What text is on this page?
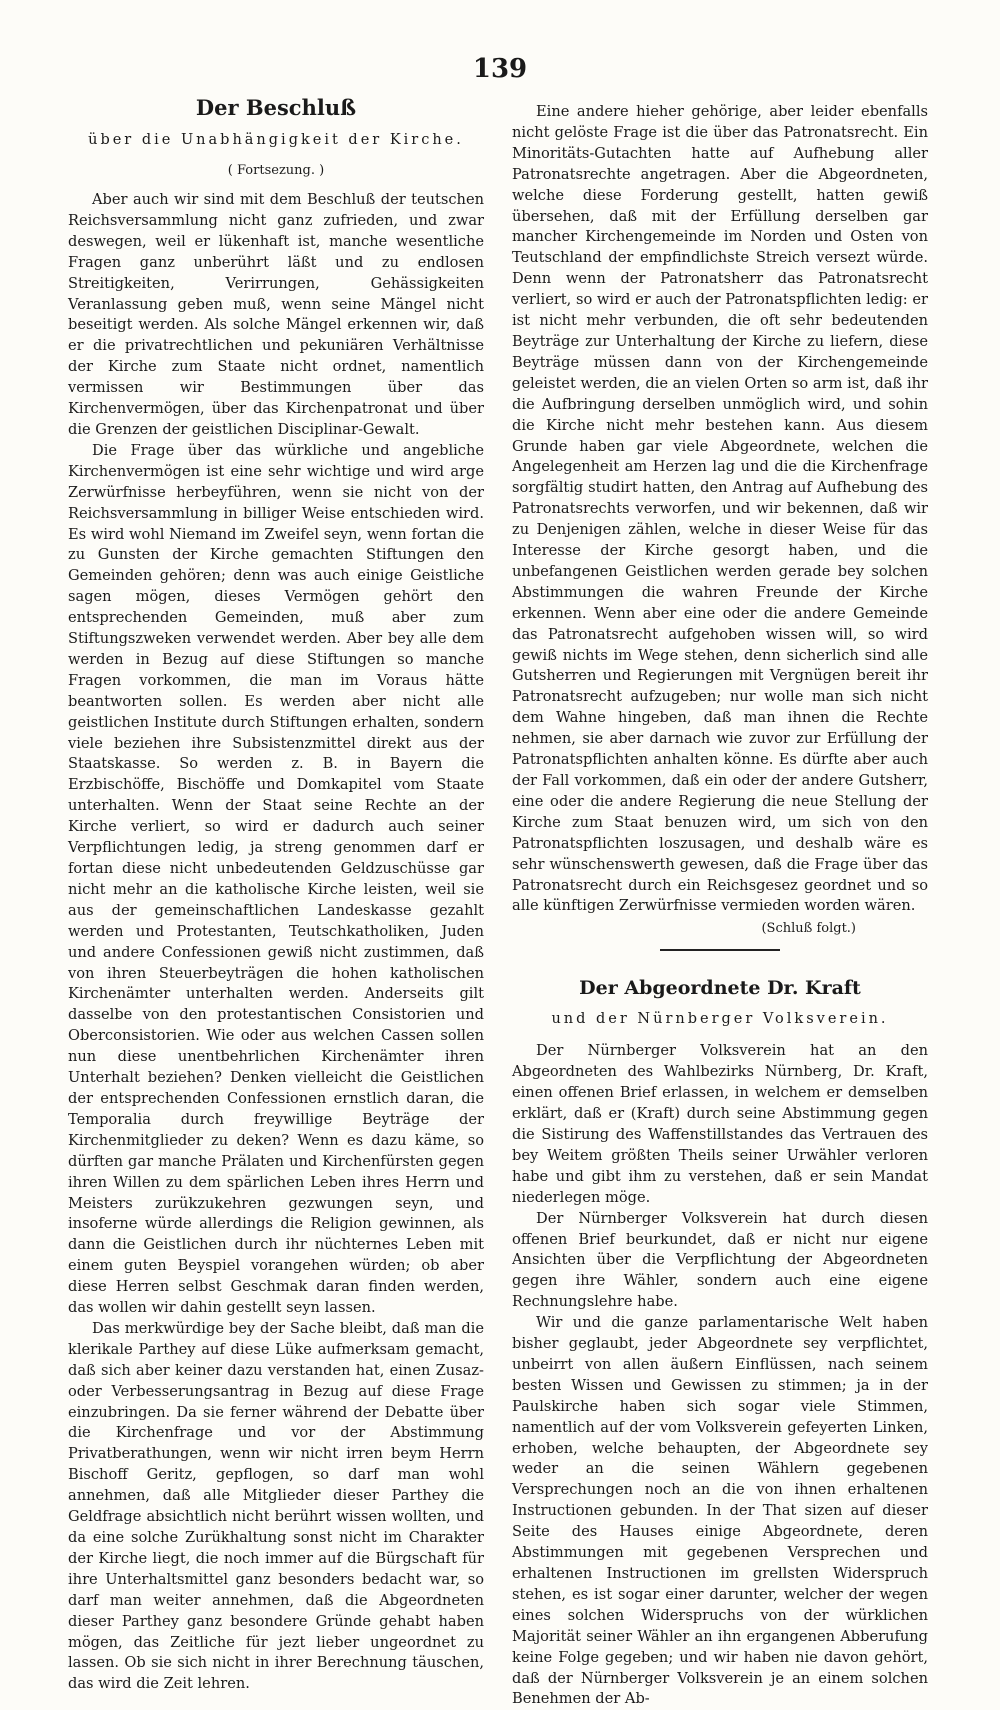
139
Der Beschluß
über die Unabhängigkeit der Kirche.
( Fortsezung. )

Aber auch wir sind mit dem Beschluß der teutschen Reichsversammlung nicht ganz zufrieden, und zwar deswegen, weil er lükenhaft ist, manche wesentliche Fragen ganz unberührt läßt und zu endlosen Streitigkeiten, Verirrungen, Gehässigkeiten Veranlassung geben muß, wenn seine Mängel nicht beseitigt werden. Als solche Mängel erkennen wir, daß er die privatrechtlichen und pekuniären Verhältnisse der Kirche zum Staate nicht ordnet, namentlich vermissen wir Bestimmungen über das Kirchenvermögen, über das Kirchenpatronat und über die Grenzen der geistlichen Disciplinar-Gewalt.

Die Frage über das würkliche und angebliche Kirchenvermögen ist eine sehr wichtige und wird arge Zerwürfnisse herbeyführen, wenn sie nicht von der Reichsversammlung in billiger Weise entschieden wird. Es wird wohl Niemand im Zweifel seyn, wenn fortan die zu Gunsten der Kirche gemachten Stiftungen den Gemeinden gehören; denn was auch einige Geistliche sagen mögen, dieses Vermögen gehört den entsprechenden Gemeinden, muß aber zum Stiftungszweken verwendet werden. Aber bey alle dem werden in Bezug auf diese Stiftungen so manche Fragen vorkommen, die man im Voraus hätte beantworten sollen. Es werden aber nicht alle geistlichen Institute durch Stiftungen erhalten, sondern viele beziehen ihre Subsistenzmittel direkt aus der Staatskasse. So werden z. B. in Bayern die Erzbischöffe, Bischöffe und Domkapitel vom Staate unterhalten. Wenn der Staat seine Rechte an der Kirche verliert, so wird er dadurch auch seiner Verpflichtungen ledig, ja streng genommen darf er fortan diese nicht unbedeutenden Geldzuschüsse gar nicht mehr an die katholische Kirche leisten, weil sie aus der gemeinschaftlichen Landeskasse gezahlt werden und Protestanten, Teutschkatholiken, Juden und andere Confessionen gewiß nicht zustimmen, daß von ihren Steuerbeyträgen die hohen katholischen Kirchenämter unterhalten werden. Anderseits gilt dasselbe von den protestantischen Consistorien und Oberconsistorien. Wie oder aus welchen Cassen sollen nun diese unentbehrlichen Kirchenämter ihren Unterhalt beziehen? Denken vielleicht die Geistlichen der entsprechenden Confessionen ernstlich daran, die Temporalia durch freywillige Beyträge der Kirchenmitglieder zu deken? Wenn es dazu käme, so dürften gar manche Prälaten und Kirchenfürsten gegen ihren Willen zu dem spärlichen Leben ihres Herrn und Meisters zurükzukehren gezwungen seyn, und insoferne würde allerdings die Religion gewinnen, als dann die Geistlichen durch ihr nüchternes Leben mit einem guten Beyspiel vorangehen würden; ob aber diese Herren selbst Geschmak daran finden werden, das wollen wir dahin gestellt seyn lassen.

Das merkwürdige bey der Sache bleibt, daß man die klerikale Parthey auf diese Lüke aufmerksam gemacht, daß sich aber keiner dazu verstanden hat, einen Zusaz- oder Verbesserungsantrag in Bezug auf diese Frage einzubringen. Da sie ferner während der Debatte über die Kirchenfrage und vor der Abstimmung Privatberathungen, wenn wir nicht irren beym Herrn Bischoff Geritz, gepflogen, so darf man wohl annehmen, daß alle Mitglieder dieser Parthey die Geldfrage absichtlich nicht berührt wissen wollten, und da eine solche Zurükhaltung sonst nicht im Charakter der Kirche liegt, die noch immer auf die Bürgschaft für ihre Unterhaltsmittel ganz besonders bedacht war, so darf man weiter annehmen, daß die Abgeordneten dieser Parthey ganz besondere Gründe gehabt haben mögen, das Zeitliche für jezt lieber ungeordnet zu lassen. Ob sie sich nicht in ihrer Berechnung täuschen, das wird die Zeit lehren.

Eine andere hieher gehörige, aber leider ebenfalls nicht gelöste Frage ist die über das Patronatsrecht. Ein Minoritäts-Gutachten hatte auf Aufhebung aller Patronatsrechte angetragen. Aber die Abgeordneten, welche diese Forderung gestellt, hatten gewiß übersehen, daß mit der Erfüllung derselben gar mancher Kirchengemeinde im Norden und Osten von Teutschland der empfindlichste Streich versezt würde. Denn wenn der Patronatsherr das Patronatsrecht verliert, so wird er auch der Patronatspflichten ledig: er ist nicht mehr verbunden, die oft sehr bedeutenden Beyträge zur Unterhaltung der Kirche zu liefern, diese Beyträge müssen dann von der Kirchengemeinde geleistet werden, die an vielen Orten so arm ist, daß ihr die Aufbringung derselben unmöglich wird, und sohin die Kirche nicht mehr bestehen kann. Aus diesem Grunde haben gar viele Abgeordnete, welchen die Angelegenheit am Herzen lag und die die Kirchenfrage sorgfältig studirt hatten, den Antrag auf Aufhebung des Patronatsrechts verworfen, und wir bekennen, daß wir zu Denjenigen zählen, welche in dieser Weise für das Interesse der Kirche gesorgt haben, und die unbefangenen Geistlichen werden gerade bey solchen Abstimmungen die wahren Freunde der Kirche erkennen. Wenn aber eine oder die andere Gemeinde das Patronatsrecht aufgehoben wissen will, so wird gewiß nichts im Wege stehen, denn sicherlich sind alle Gutsherren und Regierungen mit Vergnügen bereit ihr Patronatsrecht aufzugeben; nur wolle man sich nicht dem Wahne hingeben, daß man ihnen die Rechte nehmen, sie aber darnach wie zuvor zur Erfüllung der Patronatspflichten anhalten könne. Es dürfte aber auch der Fall vorkommen, daß ein oder der andere Gutsherr, eine oder die andere Regierung die neue Stellung der Kirche zum Staat benuzen wird, um sich von den Patronatspflichten loszusagen, und deshalb wäre es sehr wünschenswerth gewesen, daß die Frage über das Patronatsrecht durch ein Reichsgesez geordnet und so alle künftigen Zerwürfnisse vermieden worden wären.

(Schluß folgt.)
Der Abgeordnete Dr. Kraft
und der Nürnberger Volksverein.

Der Nürnberger Volksverein hat an den Abgeordneten des Wahlbezirks Nürnberg, Dr. Kraft, einen offenen Brief erlassen, in welchem er demselben erklärt, daß er (Kraft) durch seine Abstimmung gegen die Sistirung des Waffenstillstandes das Vertrauen des bey Weitem größten Theils seiner Urwähler verloren habe und gibt ihm zu verstehen, daß er sein Mandat niederlegen möge.

Der Nürnberger Volksverein hat durch diesen offenen Brief beurkundet, daß er nicht nur eigene Ansichten über die Verpflichtung der Abgeordneten gegen ihre Wähler, sondern auch eine eigene Rechnungslehre habe.

Wir und die ganze parlamentarische Welt haben bisher geglaubt, jeder Abgeordnete sey verpflichtet, unbeirrt von allen äußern Einflüssen, nach seinem besten Wissen und Gewissen zu stimmen; ja in der Paulskirche haben sich sogar viele Stimmen, namentlich auf der vom Volksverein gefeyerten Linken, erhoben, welche behaupten, der Abgeordnete sey weder an die seinen Wählern gegebenen Versprechungen noch an die von ihnen erhaltenen Instructionen gebunden. In der That sizen auf dieser Seite des Hauses einige Abgeordnete, deren Abstimmungen mit gegebenen Versprechen und erhaltenen Instructionen im grellsten Widerspruch stehen, es ist sogar einer darunter, welcher der wegen eines solchen Widerspruchs von der würklichen Majorität seiner Wähler an ihn ergangenen Abberufung keine Folge gegeben; und wir haben nie davon gehört, daß der Nürnberger Volksverein je an einem solchen Benehmen der Ab-
